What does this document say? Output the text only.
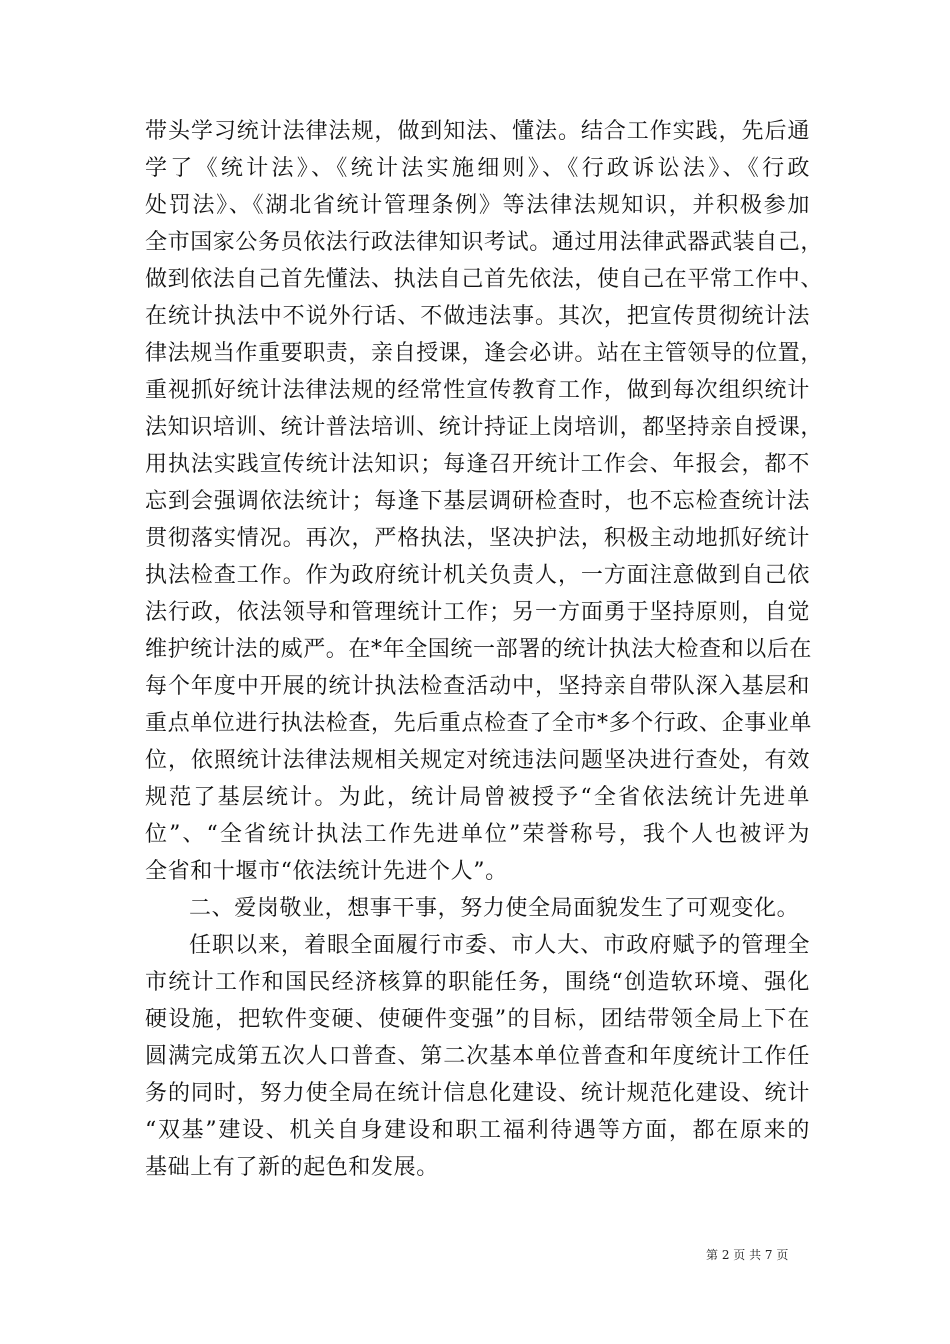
带头学习统计法律法规，做到知法、懂法。结合工作实践，先后通
学了《统计法》、《统计法实施细则》、《行政诉讼法》、《行政
处罚法》、《湖北省统计管理条例》等法律法规知识，并积极参加
全市国家公务员依法行政法律知识考试。通过用法律武器武装自己，
做到依法自己首先懂法、执法自己首先依法，使自己在平常工作中、
在统计执法中不说外行话、不做违法事。其次，把宣传贯彻统计法
律法规当作重要职责，亲自授课，逢会必讲。站在主管领导的位置，
重视抓好统计法律法规的经常性宣传教育工作，做到每次组织统计
法知识培训、统计普法培训、统计持证上岗培训，都坚持亲自授课，
用执法实践宣传统计法知识；每逢召开统计工作会、年报会，都不
忘到会强调依法统计；每逢下基层调研检查时，也不忘检查统计法
贯彻落实情况。再次，严格执法，坚决护法，积极主动地抓好统计
执法检查工作。作为政府统计机关负责人，一方面注意做到自己依
法行政，依法领导和管理统计工作；另一方面勇于坚持原则，自觉
维护统计法的威严。在*年全国统一部署的统计执法大检查和以后在
每个年度中开展的统计执法检查活动中，坚持亲自带队深入基层和
重点单位进行执法检查，先后重点检查了全市*多个行政、企事业单
位，依照统计法律法规相关规定对统违法问题坚决进行查处，有效
规范了基层统计。为此，统计局曾被授予“全省依法统计先进单
位”、“全省统计执法工作先进单位”荣誉称号，我个人也被评为
全省和十堰市“依法统计先进个人”。
二、爱岗敬业，想事干事，努力使全局面貌发生了可观变化。
任职以来，着眼全面履行市委、市人大、市政府赋予的管理全
市统计工作和国民经济核算的职能任务，围绕“创造软环境、强化
硬设施，把软件变硬、使硬件变强”的目标，团结带领全局上下在
圆满完成第五次人口普查、第二次基本单位普查和年度统计工作任
务的同时，努力使全局在统计信息化建设、统计规范化建设、统计
“双基”建设、机关自身建设和职工福利待遇等方面，都在原来的
基础上有了新的起色和发展。
第 2 页 共 7 页
